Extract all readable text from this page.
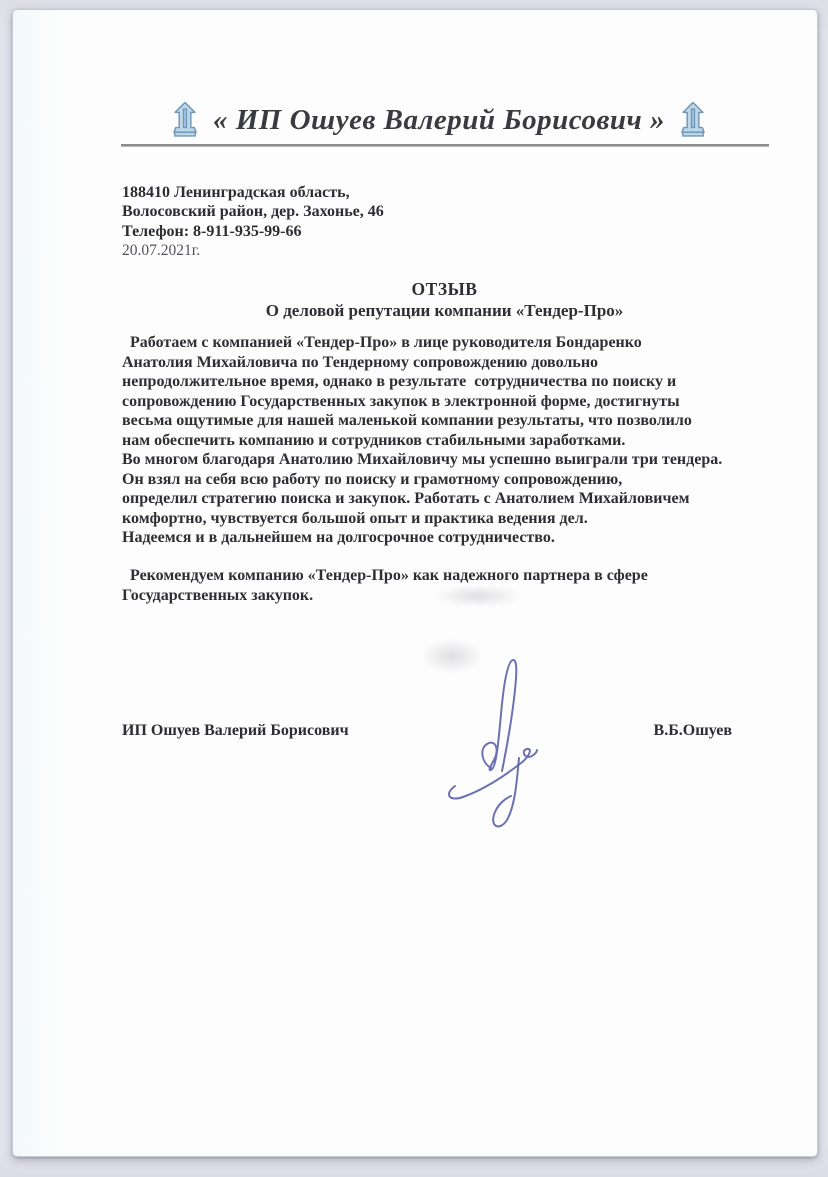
« ИП Ошуев Валерий Борисович »
188410 Ленинградская область,
Волосовский район, дер. Захонье, 46
Телефон: 8-911-935-99-66
20.07.2021г.
ОТЗЫВ
О деловой репутации компании «Тендер-Про»
Работаем с компанией «Тендер-Про» в лице руководителя Бондаренко
Анатолия Михайловича по Тендерному сопровождению довольно
непродолжительное время, однако в результате  сотрудничества по поиску и
сопровождению Государственных закупок в электронной форме, достигнуты
весьма ощутимые для нашей маленькой компании результаты, что позволило
нам обеспечить компанию и сотрудников стабильными заработками.
Во многом благодаря Анатолию Михайловичу мы успешно выиграли три тендера.
Он взял на себя всю работу по поиску и грамотному сопровождению,
определил стратегию поиска и закупок. Работать с Анатолием Михайловичем
комфортно, чувствуется большой опыт и практика ведения дел.
Надеемся и в дальнейшем на долгосрочное сотрудничество.
Рекомендуем компанию «Тендер-Про» как надежного партнера в сфере
Государственных закупок.
ИП Ошуев Валерий Борисович	В.Б.Ошуев
